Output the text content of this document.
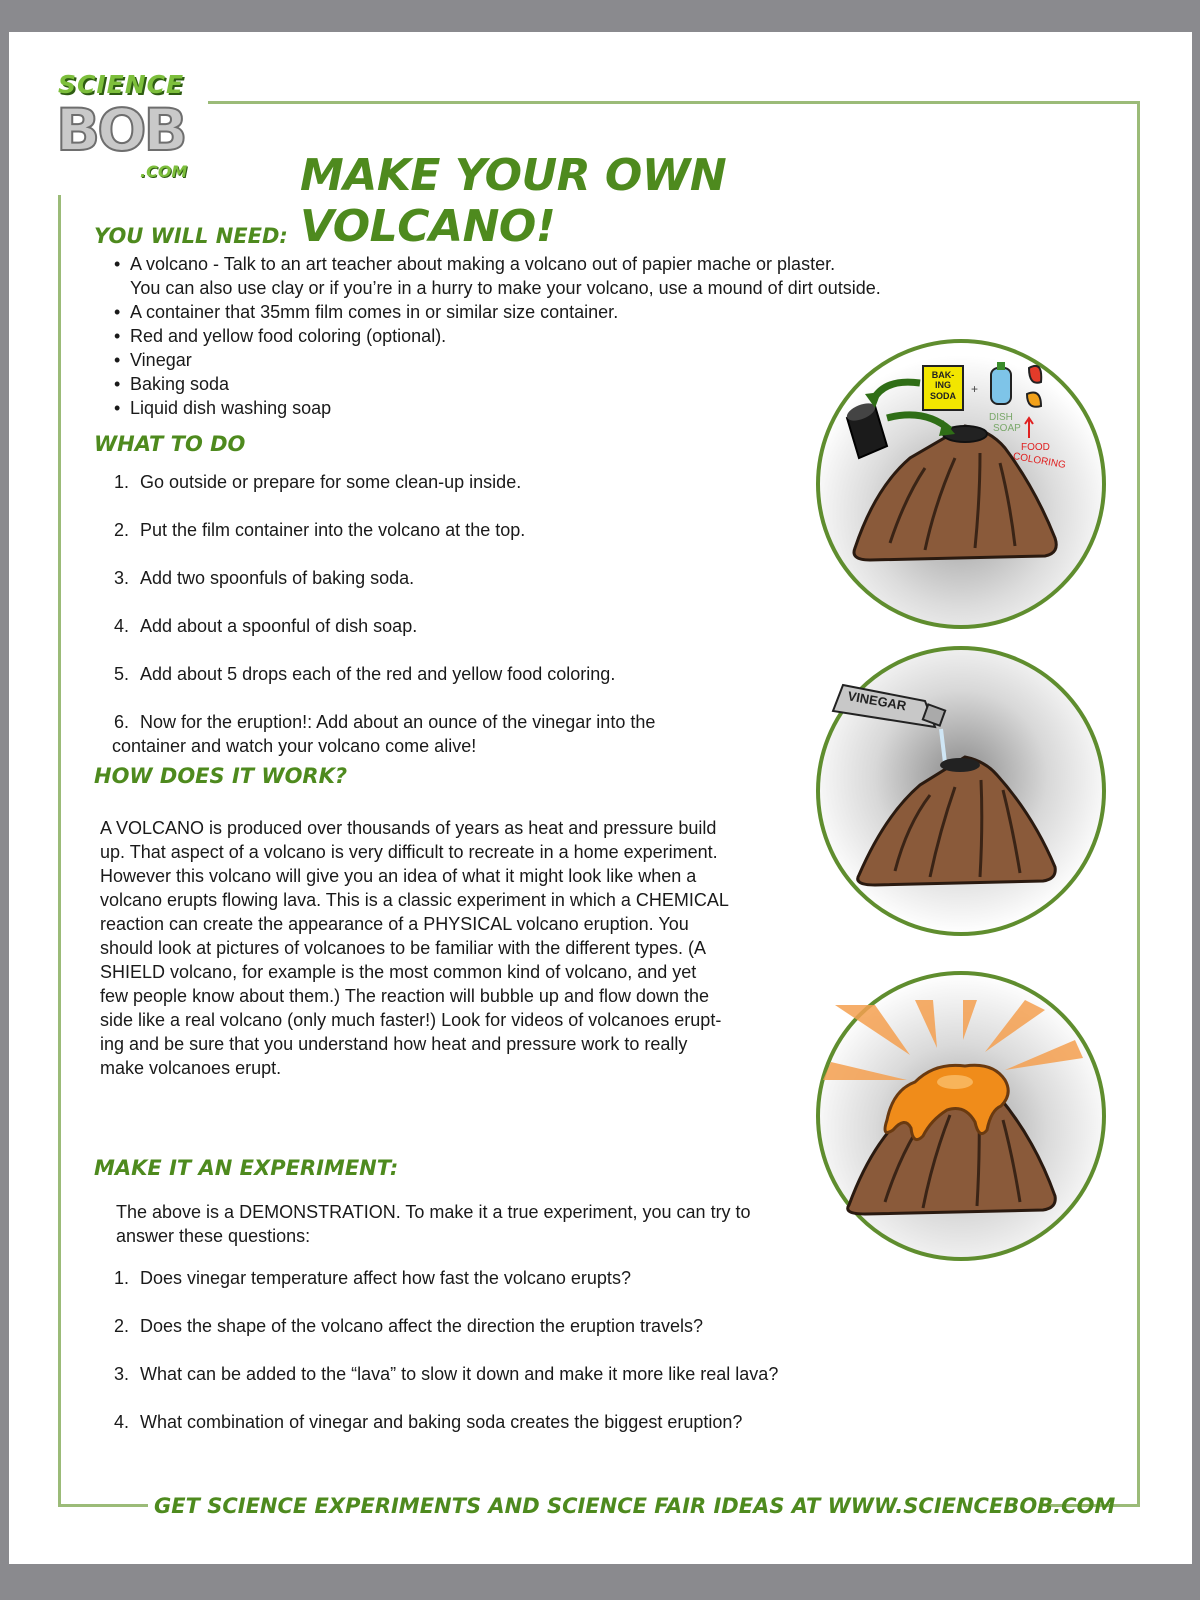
SCIENCE
BOB
.COM	MAKE YOUR OWN VOLCANO!
YOU WILL NEED:
• A volcano - Talk to an art teacher about making a volcano out of papier mache or plaster.
You can also use clay or if you’re in a hurry to make your volcano, use a mound of dirt outside.
• A container that 35mm film comes in or similar size container.
• Red and yellow food coloring (optional).
• Vinegar
• Baking soda
• Liquid dish washing soap
WHAT TO DO
1. Go outside or prepare for some clean-up inside.
2. Put the film container into the volcano at the top.
3. Add two spoonfuls of baking soda.
4. Add about a spoonful of dish soap.
5. Add about 5 drops each of the red and yellow food coloring.
6. Now for the eruption!: Add about an ounce of the vinegar into the
container and watch your volcano come alive!
HOW DOES IT WORK?
A VOLCANO is produced over thousands of years as heat and pressure build
up. That aspect of a volcano is very difficult to recreate in a home experiment.
However this volcano will give you an idea of what it might look like when a
volcano erupts flowing lava. This is a classic experiment in which a CHEMICAL
reaction can create the appearance of a PHYSICAL volcano eruption. You
should look at pictures of volcanoes to be familiar with the different types. (A
SHIELD volcano, for example is the most common kind of volcano, and yet
few people know about them.) The reaction will bubble up and flow down the
side like a real volcano (only much faster!) Look for videos of volcanoes erupt-
ing and be sure that you understand how heat and pressure work to really
make volcanoes erupt.
MAKE IT AN EXPERIMENT:
The above is a DEMONSTRATION. To make it a true experiment, you can try to
answer these questions:
1. Does vinegar temperature affect how fast the volcano erupts?
2. Does the shape of the volcano affect the direction the eruption travels?
3. What can be added to the “lava” to slow it down and make it more like real lava?
4. What combination of vinegar and baking soda creates the biggest eruption?
BAK-
ING
SODA +
DISH
SOAP
FOOD
COLORING
VINEGAR
GET SCIENCE EXPERIMENTS AND SCIENCE FAIR IDEAS AT WWW.SCIENCEBOB.COM
